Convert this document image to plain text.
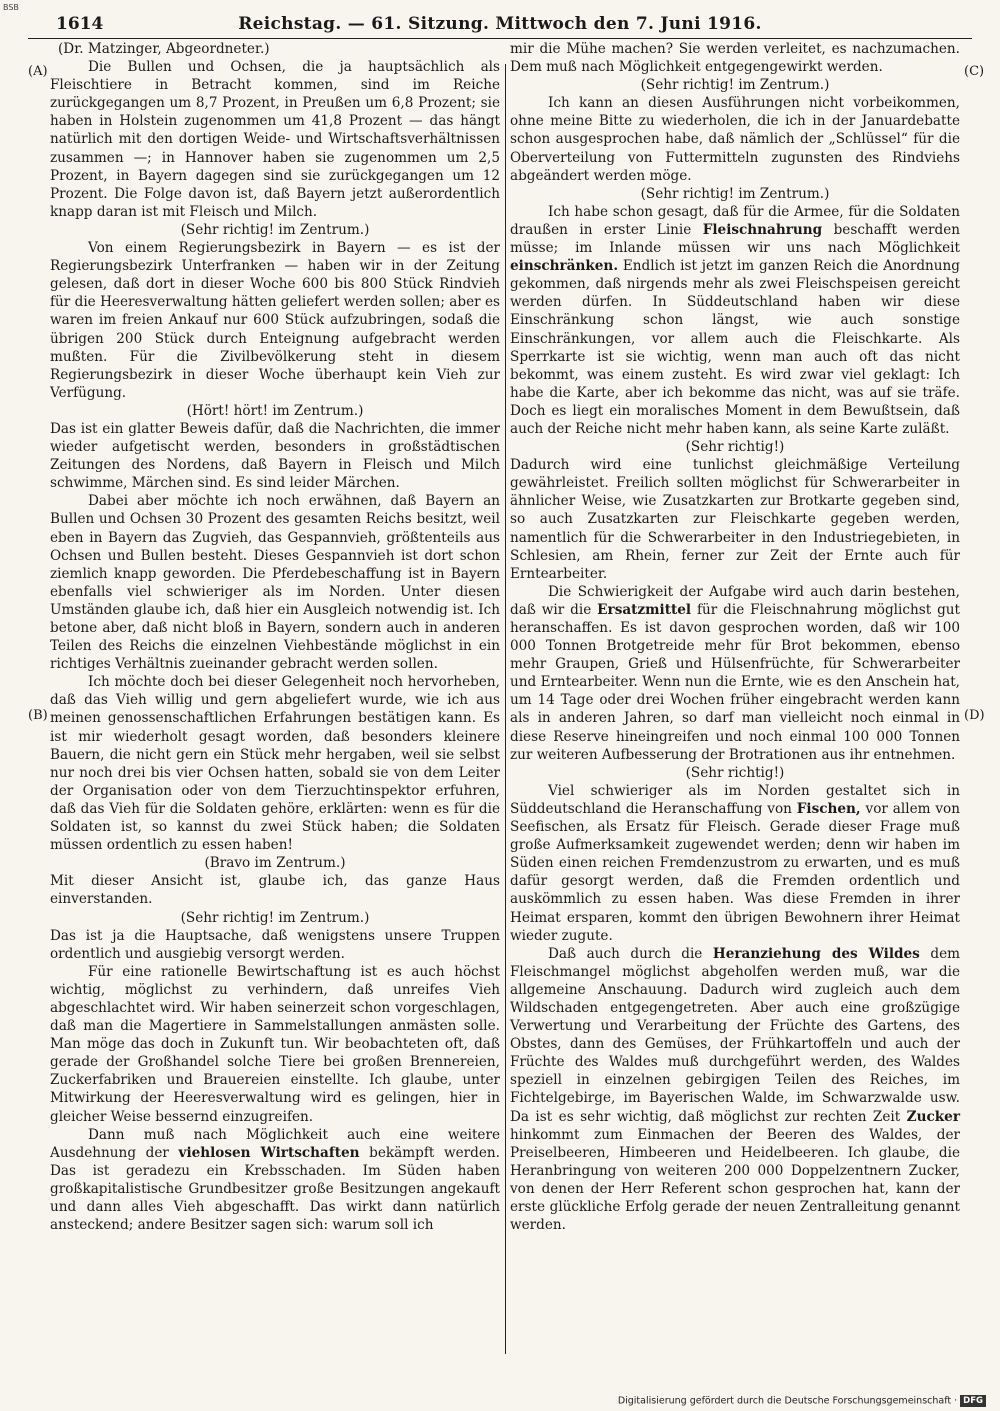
BSB
1614	Reichstag. — 61. Sitzung. Mittwoch den 7. Juni 1916.
(A)
(B)
(C)
(D)

(Dr. Matzinger, Abgeordneter.)

Die Bullen und Ochsen, die ja hauptsächlich als Fleischtiere in Betracht kommen, sind im Reiche zurückgegangen um 8,7 Prozent, in Preußen um 6,8 Prozent; sie haben in Holstein zugenommen um 41,8 Prozent — das hängt natürlich mit den dortigen Weide- und Wirtschaftsverhältnissen zusammen —; in Hannover haben sie zugenommen um 2,5 Prozent, in Bayern dagegen sind sie zurückgegangen um 12 Prozent. Die Folge davon ist, daß Bayern jetzt außerordentlich knapp daran ist mit Fleisch und Milch.

(Sehr richtig! im Zentrum.)

Von einem Regierungsbezirk in Bayern — es ist der Regierungsbezirk Unterfranken — haben wir in der Zeitung gelesen, daß dort in dieser Woche 600 bis 800 Stück Rindvieh für die Heeresverwaltung hätten geliefert werden sollen; aber es waren im freien Ankauf nur 600 Stück aufzubringen, sodaß die übrigen 200 Stück durch Enteignung aufgebracht werden mußten. Für die Zivilbevölkerung steht in diesem Regierungsbezirk in dieser Woche überhaupt kein Vieh zur Verfügung.

(Hört! hört! im Zentrum.)

Das ist ein glatter Beweis dafür, daß die Nachrichten, die immer wieder aufgetischt werden, besonders in großstädtischen Zeitungen des Nordens, daß Bayern in Fleisch und Milch schwimme, Märchen sind. Es sind leider Märchen.

Dabei aber möchte ich noch erwähnen, daß Bayern an Bullen und Ochsen 30 Prozent des gesamten Reichs besitzt, weil eben in Bayern das Zugvieh, das Gespannvieh, größtenteils aus Ochsen und Bullen besteht. Dieses Gespannvieh ist dort schon ziemlich knapp geworden. Die Pferdebeschaffung ist in Bayern ebenfalls viel schwieriger als im Norden. Unter diesen Umständen glaube ich, daß hier ein Ausgleich notwendig ist. Ich betone aber, daß nicht bloß in Bayern, sondern auch in anderen Teilen des Reichs die einzelnen Viehbestände möglichst in ein richtiges Verhältnis zueinander gebracht werden sollen.

Ich möchte doch bei dieser Gelegenheit noch hervorheben, daß das Vieh willig und gern abgeliefert wurde, wie ich aus meinen genossenschaftlichen Erfahrungen bestätigen kann. Es ist mir wiederholt gesagt worden, daß besonders kleinere Bauern, die nicht gern ein Stück mehr hergaben, weil sie selbst nur noch drei bis vier Ochsen hatten, sobald sie von dem Leiter der Organisation oder von dem Tierzuchtinspektor erfuhren, daß das Vieh für die Soldaten gehöre, erklärten: wenn es für die Soldaten ist, so kannst du zwei Stück haben; die Soldaten müssen ordentlich zu essen haben!

(Bravo im Zentrum.)

Mit dieser Ansicht ist, glaube ich, das ganze Haus einverstanden.

(Sehr richtig! im Zentrum.)

Das ist ja die Hauptsache, daß wenigstens unsere Truppen ordentlich und ausgiebig versorgt werden.

Für eine rationelle Bewirtschaftung ist es auch höchst wichtig, möglichst zu verhindern, daß unreifes Vieh abgeschlachtet wird. Wir haben seinerzeit schon vorgeschlagen, daß man die Magertiere in Sammelstallungen anmästen solle. Man möge das doch in Zukunft tun. Wir beobachteten oft, daß gerade der Großhandel solche Tiere bei großen Brennereien, Zuckerfabriken und Brauereien einstellte. Ich glaube, unter Mitwirkung der Heeresverwaltung wird es gelingen, hier in gleicher Weise bessernd einzugreifen.

Dann muß nach Möglichkeit auch eine weitere Ausdehnung der viehlosen Wirtschaften bekämpft werden. Das ist geradezu ein Krebsschaden. Im Süden haben großkapitalistische Grundbesitzer große Besitzungen angekauft und dann alles Vieh abgeschafft. Das wirkt dann natürlich ansteckend; andere Besitzer sagen sich: warum soll ich

mir die Mühe machen? Sie werden verleitet, es nachzumachen. Dem muß nach Möglichkeit entgegengewirkt werden.

(Sehr richtig! im Zentrum.)

Ich kann an diesen Ausführungen nicht vorbeikommen, ohne meine Bitte zu wiederholen, die ich in der Januardebatte schon ausgesprochen habe, daß nämlich der „Schlüssel“ für die Oberverteilung von Futtermitteln zugunsten des Rindviehs abgeändert werden möge.

(Sehr richtig! im Zentrum.)

Ich habe schon gesagt, daß für die Armee, für die Soldaten draußen in erster Linie Fleischnahrung beschafft werden müsse; im Inlande müssen wir uns nach Möglichkeit einschränken. Endlich ist jetzt im ganzen Reich die Anordnung gekommen, daß nirgends mehr als zwei Fleischspeisen gereicht werden dürfen. In Süddeutschland haben wir diese Einschränkung schon längst, wie auch sonstige Einschränkungen, vor allem auch die Fleischkarte. Als Sperrkarte ist sie wichtig, wenn man auch oft das nicht bekommt, was einem zusteht. Es wird zwar viel geklagt: Ich habe die Karte, aber ich bekomme das nicht, was auf sie träfe. Doch es liegt ein moralisches Moment in dem Bewußtsein, daß auch der Reiche nicht mehr haben kann, als seine Karte zuläßt.

(Sehr richtig!)

Dadurch wird eine tunlichst gleichmäßige Verteilung gewährleistet. Freilich sollten möglichst für Schwerarbeiter in ähnlicher Weise, wie Zusatzkarten zur Brotkarte gegeben sind, so auch Zusatzkarten zur Fleischkarte gegeben werden, namentlich für die Schwerarbeiter in den Industriegebieten, in Schlesien, am Rhein, ferner zur Zeit der Ernte auch für Erntearbeiter.

Die Schwierigkeit der Aufgabe wird auch darin bestehen, daß wir die Ersatzmittel für die Fleischnahrung möglichst gut heranschaffen. Es ist davon gesprochen worden, daß wir 100 000 Tonnen Brotgetreide mehr für Brot bekommen, ebenso mehr Graupen, Grieß und Hülsenfrüchte, für Schwerarbeiter und Erntearbeiter. Wenn nun die Ernte, wie es den Anschein hat, um 14 Tage oder drei Wochen früher eingebracht werden kann als in anderen Jahren, so darf man vielleicht noch einmal in diese Reserve hineingreifen und noch einmal 100 000 Tonnen zur weiteren Aufbesserung der Brotrationen aus ihr entnehmen.

(Sehr richtig!)

Viel schwieriger als im Norden gestaltet sich in Süddeutschland die Heranschaffung von Fischen, vor allem von Seefischen, als Ersatz für Fleisch. Gerade dieser Frage muß große Aufmerksamkeit zugewendet werden; denn wir haben im Süden einen reichen Fremdenzustrom zu erwarten, und es muß dafür gesorgt werden, daß die Fremden ordentlich und auskömmlich zu essen haben. Was diese Fremden in ihrer Heimat ersparen, kommt den übrigen Bewohnern ihrer Heimat wieder zugute.

Daß auch durch die Heranziehung des Wildes dem Fleischmangel möglichst abgeholfen werden muß, war die allgemeine Anschauung. Dadurch wird zugleich auch dem Wildschaden entgegengetreten. Aber auch eine großzügige Verwertung und Verarbeitung der Früchte des Gartens, des Obstes, dann des Gemüses, der Frühkartoffeln und auch der Früchte des Waldes muß durchgeführt werden, des Waldes speziell in einzelnen gebirgigen Teilen des Reiches, im Fichtelgebirge, im Bayerischen Walde, im Schwarzwalde usw. Da ist es sehr wichtig, daß möglichst zur rechten Zeit Zucker hinkommt zum Einmachen der Beeren des Waldes, der Preiselbeeren, Himbeeren und Heidelbeeren. Ich glaube, die Heranbringung von weiteren 200 000 Doppelzentnern Zucker, von denen der Herr Referent schon gesprochen hat, kann der erste glückliche Erfolg gerade der neuen Zentralleitung genannt werden.

Digitalisierung gefördert durch die Deutsche Forschungsgemeinschaft · DFG
